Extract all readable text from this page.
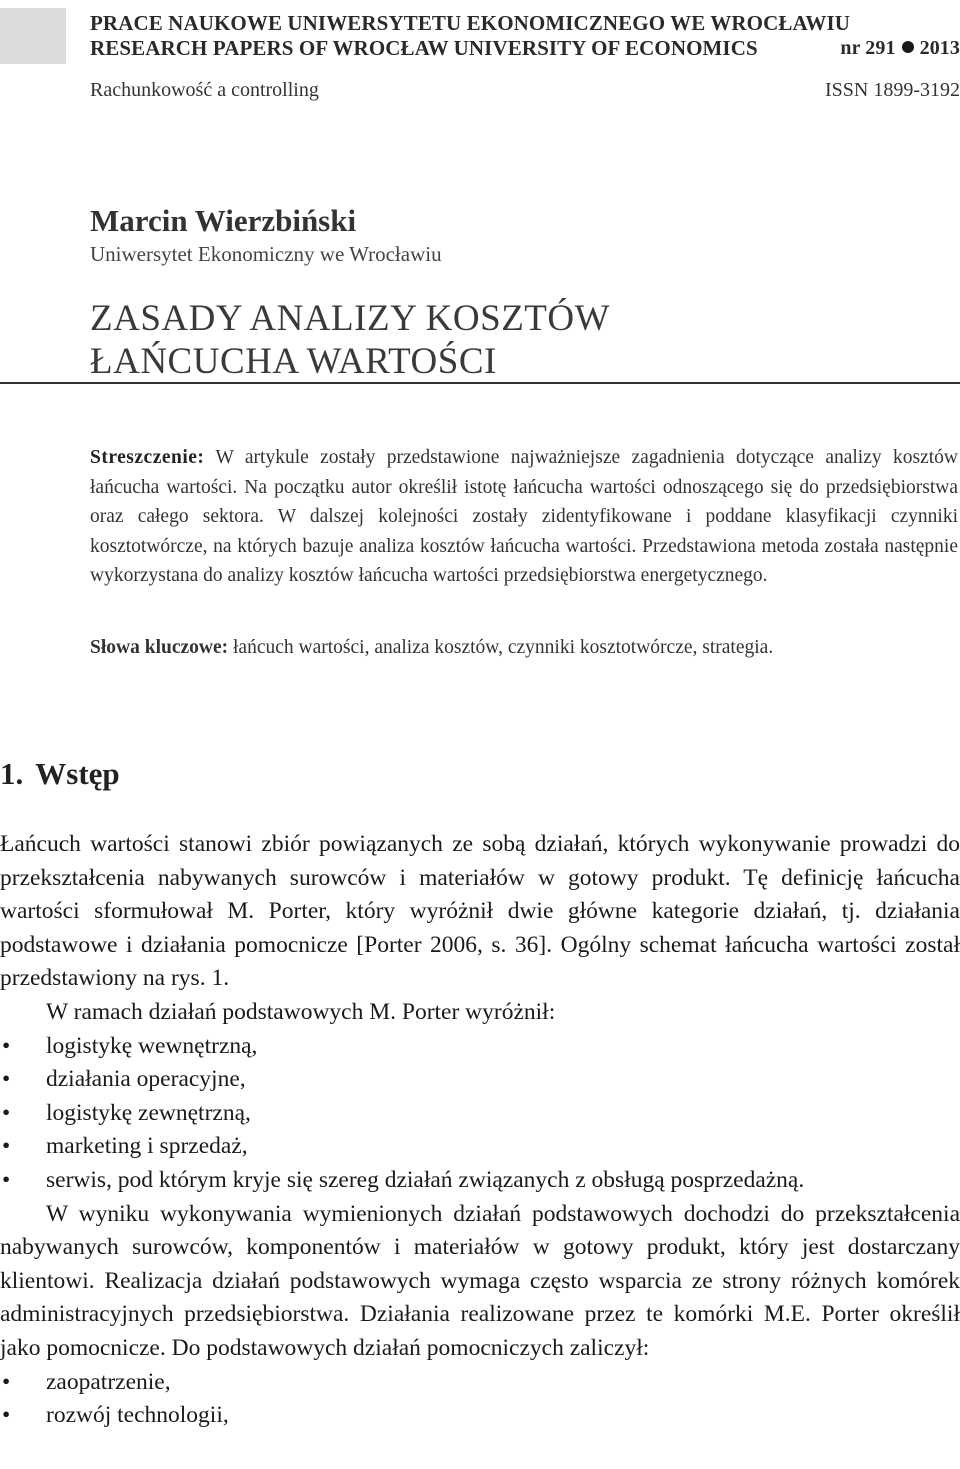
PRACE NAUKOWE UNIWERSYTETU EKONOMICZNEGO WE WROCŁAWIU
RESEARCH PAPERS OF WROCŁAW UNIVERSITY OF ECONOMICS	nr 291 2013
Rachunkowość a controlling	ISSN 1899-3192
Marcin Wierzbiński
Uniwersytet Ekonomiczny we Wrocławiu
ZASADY ANALIZY KOSZTÓW
ŁAŃCUCHA WARTOŚCI
Streszczenie: W artykule zostały przedstawione najważniejsze zagadnienia dotyczące analizy kosztów łańcucha wartości. Na początku autor określił istotę łańcucha wartości odnoszącego się do przedsiębiorstwa oraz całego sektora. W dalszej kolejności zostały zidentyfikowane i poddane klasyfikacji czynniki kosztotwórcze, na których bazuje analiza kosztów łańcucha wartości. Przedstawiona metoda została następnie wykorzystana do analizy kosztów łańcucha wartości przedsiębiorstwa energetycznego.
Słowa kluczowe: łańcuch wartości, analiza kosztów, czynniki kosztotwórcze, strategia.
1. Wstęp

Łańcuch wartości stanowi zbiór powiązanych ze sobą działań, których wykonywanie prowadzi do przekształcenia nabywanych surowców i materiałów w gotowy produkt. Tę definicję łańcucha wartości sformułował M. Porter, który wyróżnił dwie główne kategorie działań, tj. działania podstawowe i działania pomocnicze [Porter 2006, s. 36]. Ogólny schemat łańcucha wartości został przedstawiony na rys. 1.

W ramach działań podstawowych M. Porter wyróżnił:

• logistykę wewnętrzną,
• działania operacyjne,
• logistykę zewnętrzną,
• marketing i sprzedaż,
• serwis, pod którym kryje się szereg działań związanych z obsługą posprzedażną.

W wyniku wykonywania wymienionych działań podstawowych dochodzi do przekształcenia nabywanych surowców, komponentów i materiałów w gotowy produkt, który jest dostarczany klientowi. Realizacja działań podstawowych wymaga często wsparcia ze strony różnych komórek administracyjnych przedsiębiorstwa. Działania realizowane przez te komórki M.E. Porter określił jako pomocnicze. Do podstawowych działań pomocniczych zaliczył:

• zaopatrzenie,
• rozwój technologii,
